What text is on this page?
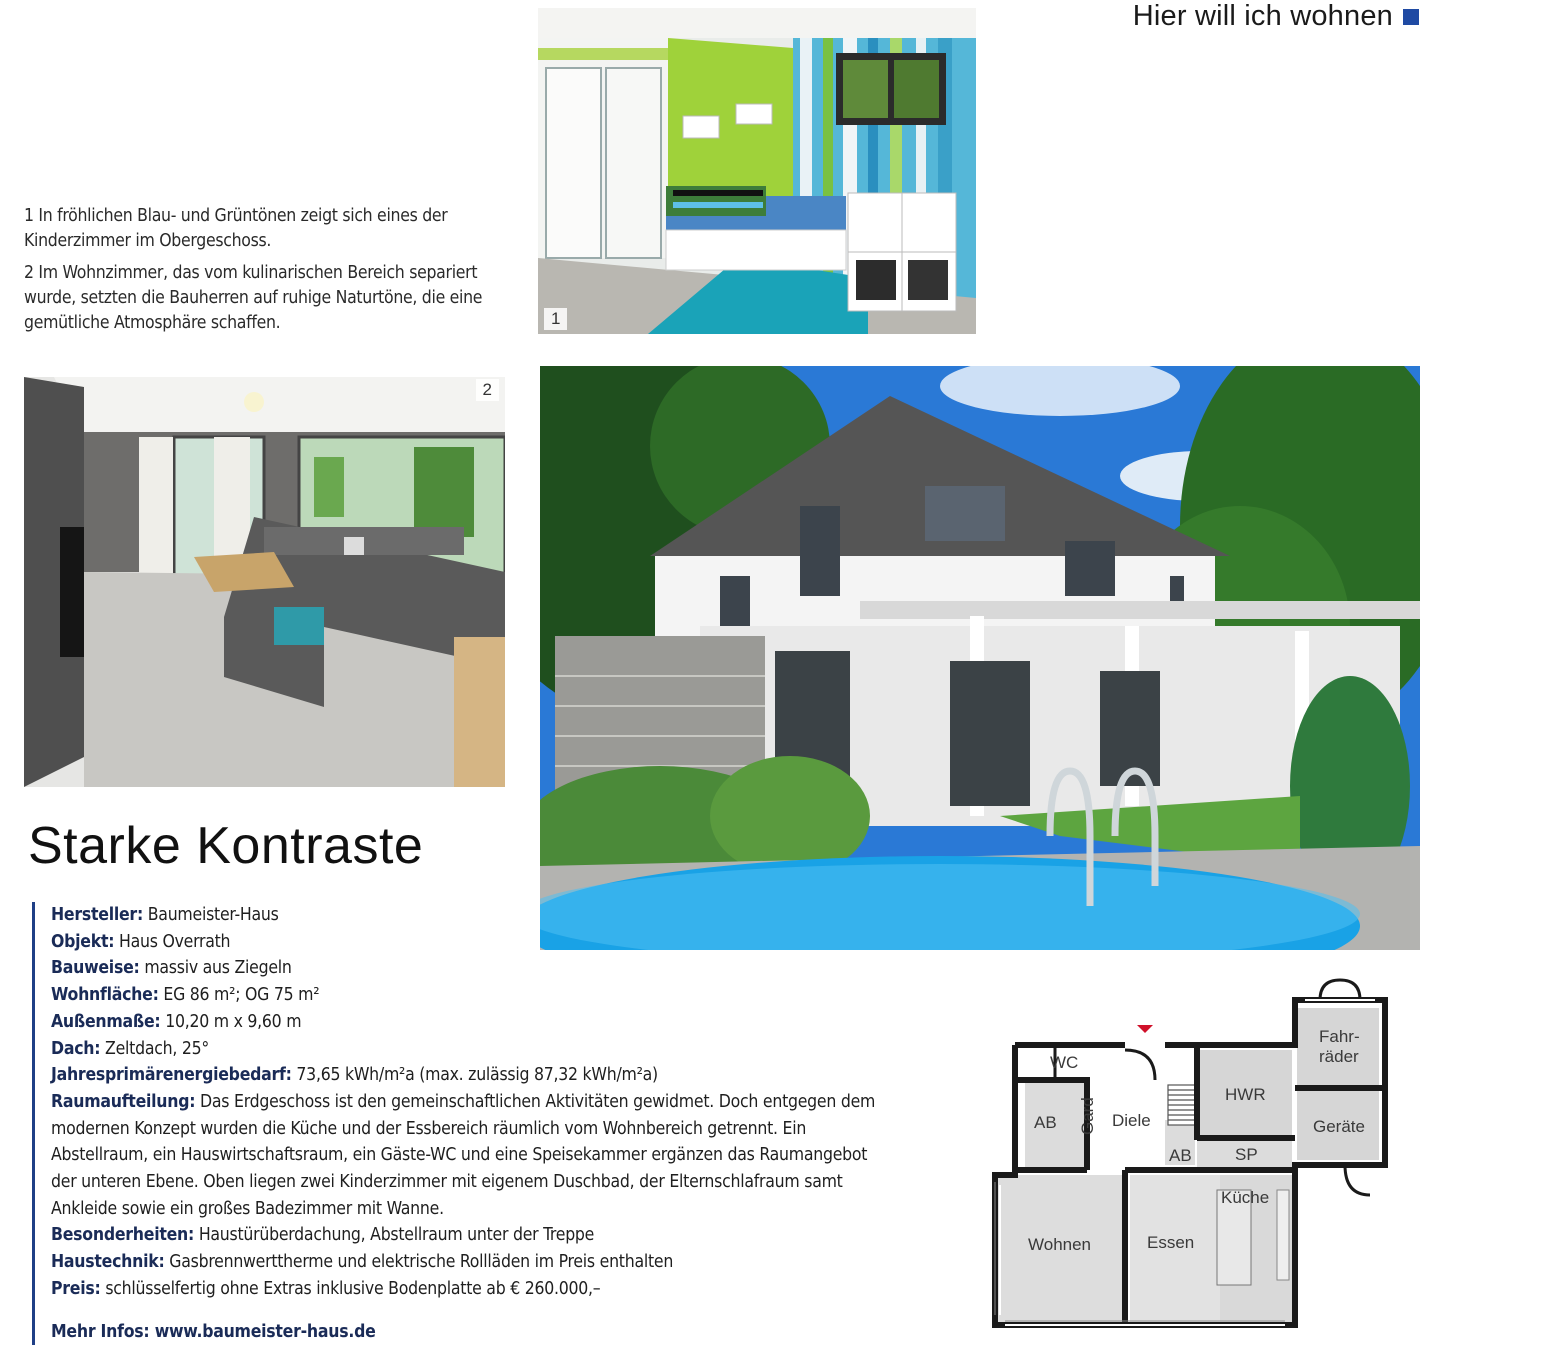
Hier will ich wohnen

1 In fröhlichen Blau- und Grüntönen zeigt sich eines der Kinderzimmer im Obergeschoss.

2 Im Wohnzimmer, das vom kulinarischen Bereich separiert wurde, setzten die Bauherren auf ruhige Naturtöne, die eine gemütliche Atmosphäre schaffen.	1
2
Starke Kontraste
Hersteller: Baumeister-Haus
Objekt: Haus Overrath
Bauweise: massiv aus Ziegeln
Wohnfläche: EG 86 m²; OG 75 m²
Außenmaße: 10,20 m x 9,60 m
Dach: Zeltdach, 25°
Jahresprimärenergiebedarf: 73,65 kWh/m²a (max. zulässig 87,32 kWh/m²a)
Raumaufteilung: Das Erdgeschoss ist den gemeinschaftlichen Aktivitäten gewidmet. Doch entgegen dem modernen Konzept wurden die Küche und der Essbereich räumlich vom Wohnbereich getrennt. Ein Abstellraum, ein Hauswirtschaftsraum, ein Gäste-WC und eine Speisekammer ergänzen das Raumangebot der unteren Ebene. Oben liegen zwei Kinderzimmer mit eigenem Duschbad, der Elternschlafraum samt Ankleide sowie ein großes Badezimmer mit Wanne.
Besonderheiten: Haustürüberdachung, Abstellraum unter der Treppe
Haustechnik: Gasbrennwerttherme und elektrische Rollläden im Preis enthalten
Preis: schlüsselfertig ohne Extras inklusive Bodenplatte ab € 260.000,–
Mehr Infos: www.baumeister-haus.de
WC
AB Gard Diele
HWR
Fahr-
räder
Geräte
AB	SP
Küche
Wohnen	Essen
